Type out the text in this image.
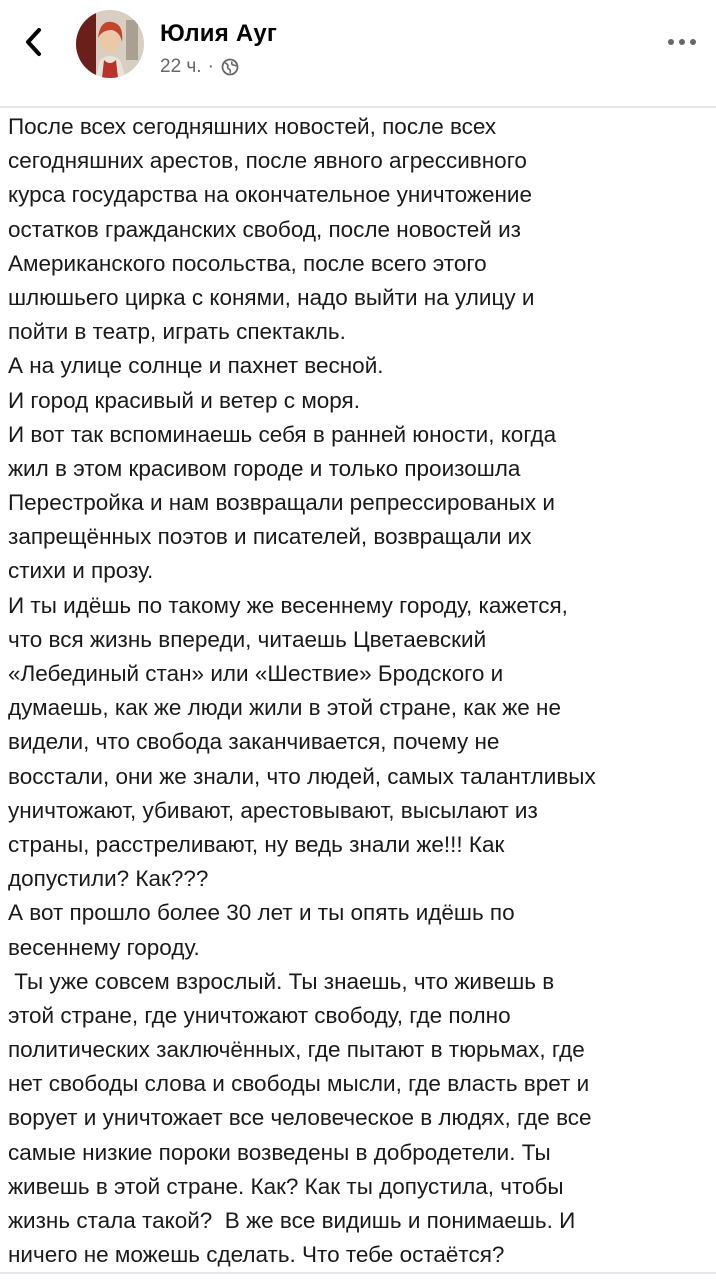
Юлия Ауг
22 ч. ·
После всех сегодняшних новостей, после всех
сегодняшних арестов, после явного агрессивного
курса государства на окончательное уничтожение
остатков гражданских свобод, после новостей из
Американского посольства, после всего этого
шлюшьего цирка с конями, надо выйти на улицу и
пойти в театр, играть спектакль.
А на улице солнце и пахнет весной.
И город красивый и ветер с моря.
И вот так вспоминаешь себя в ранней юности, когда
жил в этом красивом городе и только произошла
Перестройка и нам возвращали репрессированых и
запрещённых поэтов и писателей, возвращали их
стихи и прозу.
И ты идёшь по такому же весеннему городу, кажется,
что вся жизнь впереди, читаешь Цветаевский
«Лебединый стан» или «Шествие» Бродского и
думаешь, как же люди жили в этой стране, как же не
видели, что свобода заканчивается, почему не
восстали, они же знали, что людей, самых талантливых
уничтожают, убивают, арестовывают, высылают из
страны, расстреливают, ну ведь знали же!!! Как
допустили? Как???
А вот прошло более 30 лет и ты опять идёшь по
весеннему городу.
Ты уже совсем взрослый. Ты знаешь, что живешь в
этой стране, где уничтожают свободу, где полно
политических заключённых, где пытают в тюрьмах, где
нет свободы слова и свободы мысли, где власть врет и
ворует и уничтожает все человеческое в людях, где все
самые низкие пороки возведены в добродетели. Ты
живешь в этой стране. Как? Как ты допустила, чтобы
жизнь стала такой?  В же все видишь и понимаешь. И
ничего не можешь сделать. Что тебе остаётся?
